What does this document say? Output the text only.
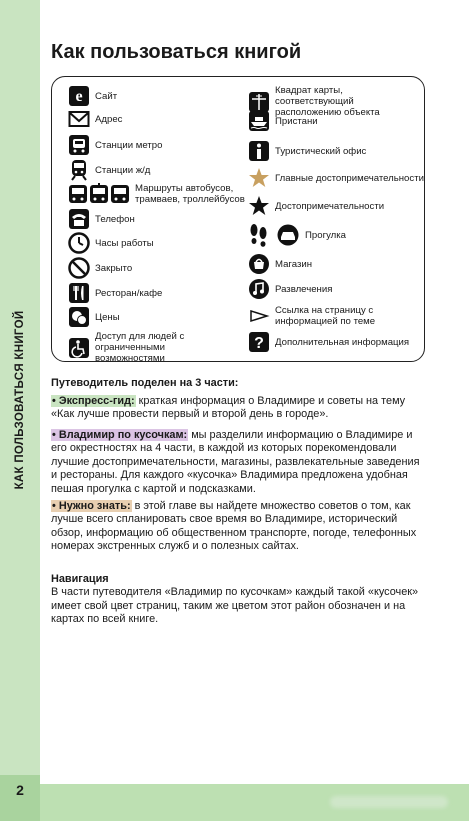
2
КАК ПОЛЬЗОВАТЬСЯ КНИГОЙ
Как пользоваться книгой
e Сайт
Адрес
Станции метро
Станции ж/д
Маршруты автобусов, трамваев, троллейбусов
Телефон
Часы работы
Закрыто
Ресторан/кафе
Цены
Доступ для людей с ограниченными возможностями
Квадрат карты, соответствующий расположению объекта
Пристани
Туристический офис
Главные достопримечательности
Достопримечательности
Прогулка
Магазин
Развлечения
Ссылка на страницу с информацией по теме
? Дополнительная информация

Путеводитель поделен на 3 части:

• Экспресс-гид: краткая информация о Владимире и советы на тему «Как лучше провести первый и второй день в городе».

• Владимир по кусочкам: мы разделили информацию о Владимире и его окрестностях на 4 части, в каждой из которых порекомендовали лучшие достопримечательности, магазины, развлекательные заведения и рестораны. Для каждого «кусочка» Владимира предложена удобная пешая прогулка с картой и подсказками.

• Нужно знать: в этой главе вы найдете множество советов о том, как лучше всего спланировать свое время во Владимире, исторический обзор, информацию об общественном транспорте, погоде, телефонных номерах экстренных служб и о полезных сайтах.

Навигация

В части путеводителя «Владимир по кусочкам» каждый такой «кусочек» имеет свой цвет страниц, таким же цветом этот район обозначен и на картах по всей книге.
